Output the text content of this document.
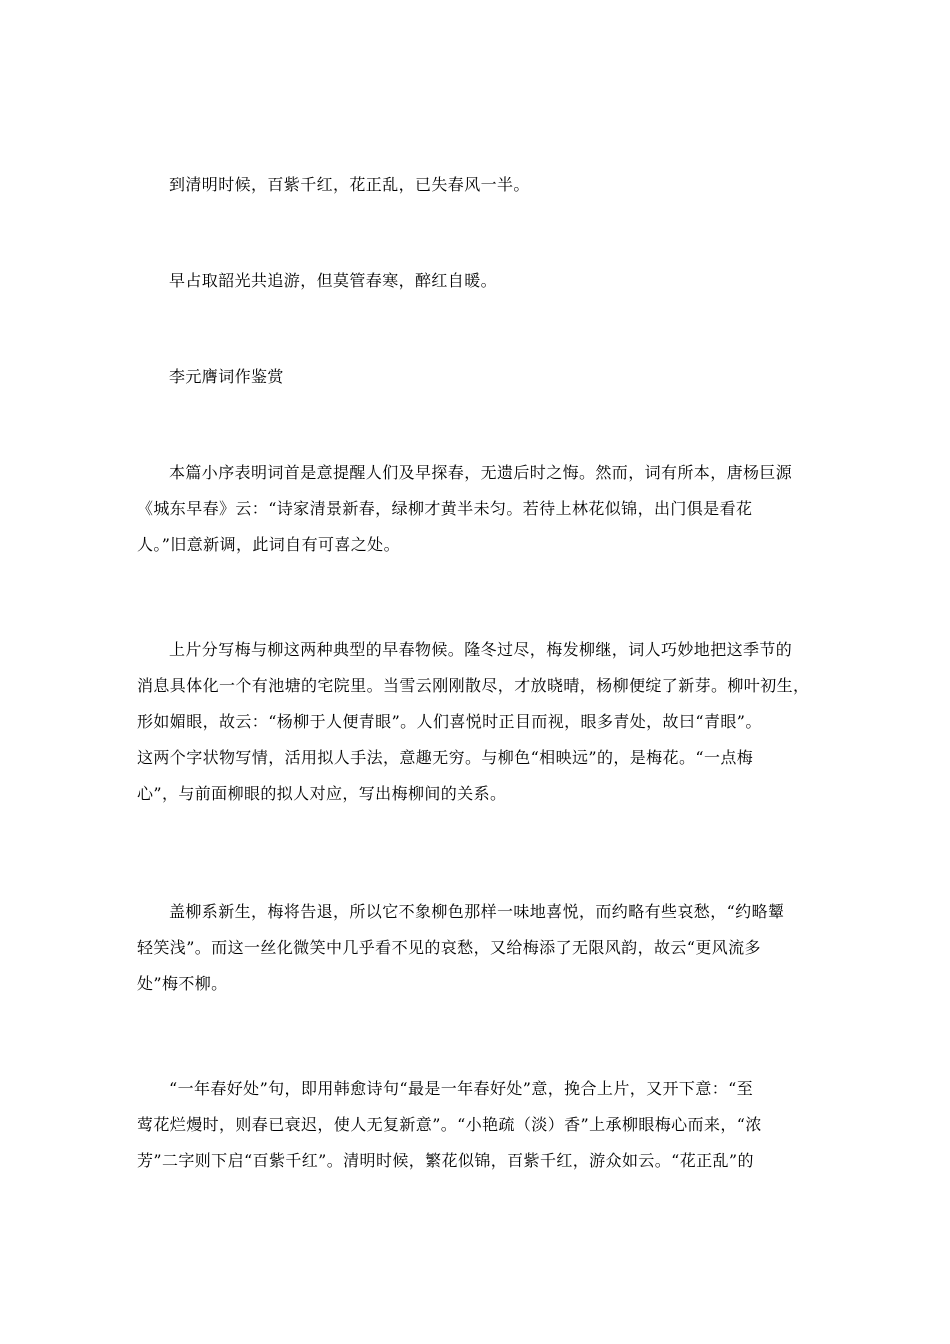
到清明时候，百紫千红，花正乱，已失春风一半。
早占取韶光共追游，但莫管春寒，醉红自暖。
李元膺词作鉴赏
本篇小序表明词首是意提醒人们及早探春，无遗后时之悔。然而，词有所本，唐杨巨源
《城东早春》云：“诗家清景新春，绿柳才黄半未匀。若待上林花似锦，出门俱是看花
人。”旧意新调，此词自有可喜之处。
上片分写梅与柳这两种典型的早春物候。隆冬过尽，梅发柳继，词人巧妙地把这季节的
消息具体化一个有池塘的宅院里。当雪云刚刚散尽，才放晓晴，杨柳便绽了新芽。柳叶初生，
形如媚眼，故云：“杨柳于人便青眼”。人们喜悦时正目而视，眼多青处，故曰“青眼”。
这两个字状物写情，活用拟人手法，意趣无穷。与柳色“相映远”的，是梅花。“一点梅
心”，与前面柳眼的拟人对应，写出梅柳间的关系。
盖柳系新生，梅将告退，所以它不象柳色那样一味地喜悦，而约略有些哀愁，“约略颦
轻笑浅”。而这一丝化微笑中几乎看不见的哀愁，又给梅添了无限风韵，故云“更风流多
处”梅不柳。
“一年春好处”句，即用韩愈诗句“最是一年春好处”意，挽合上片，又开下意：“至
莺花烂熳时，则春已衰迟，使人无复新意”。“小艳疏（淡）香”上承柳眼梅心而来，“浓
芳”二字则下启“百紫千红”。清明时候，繁花似锦，百紫千红，游众如云。“花正乱”的
